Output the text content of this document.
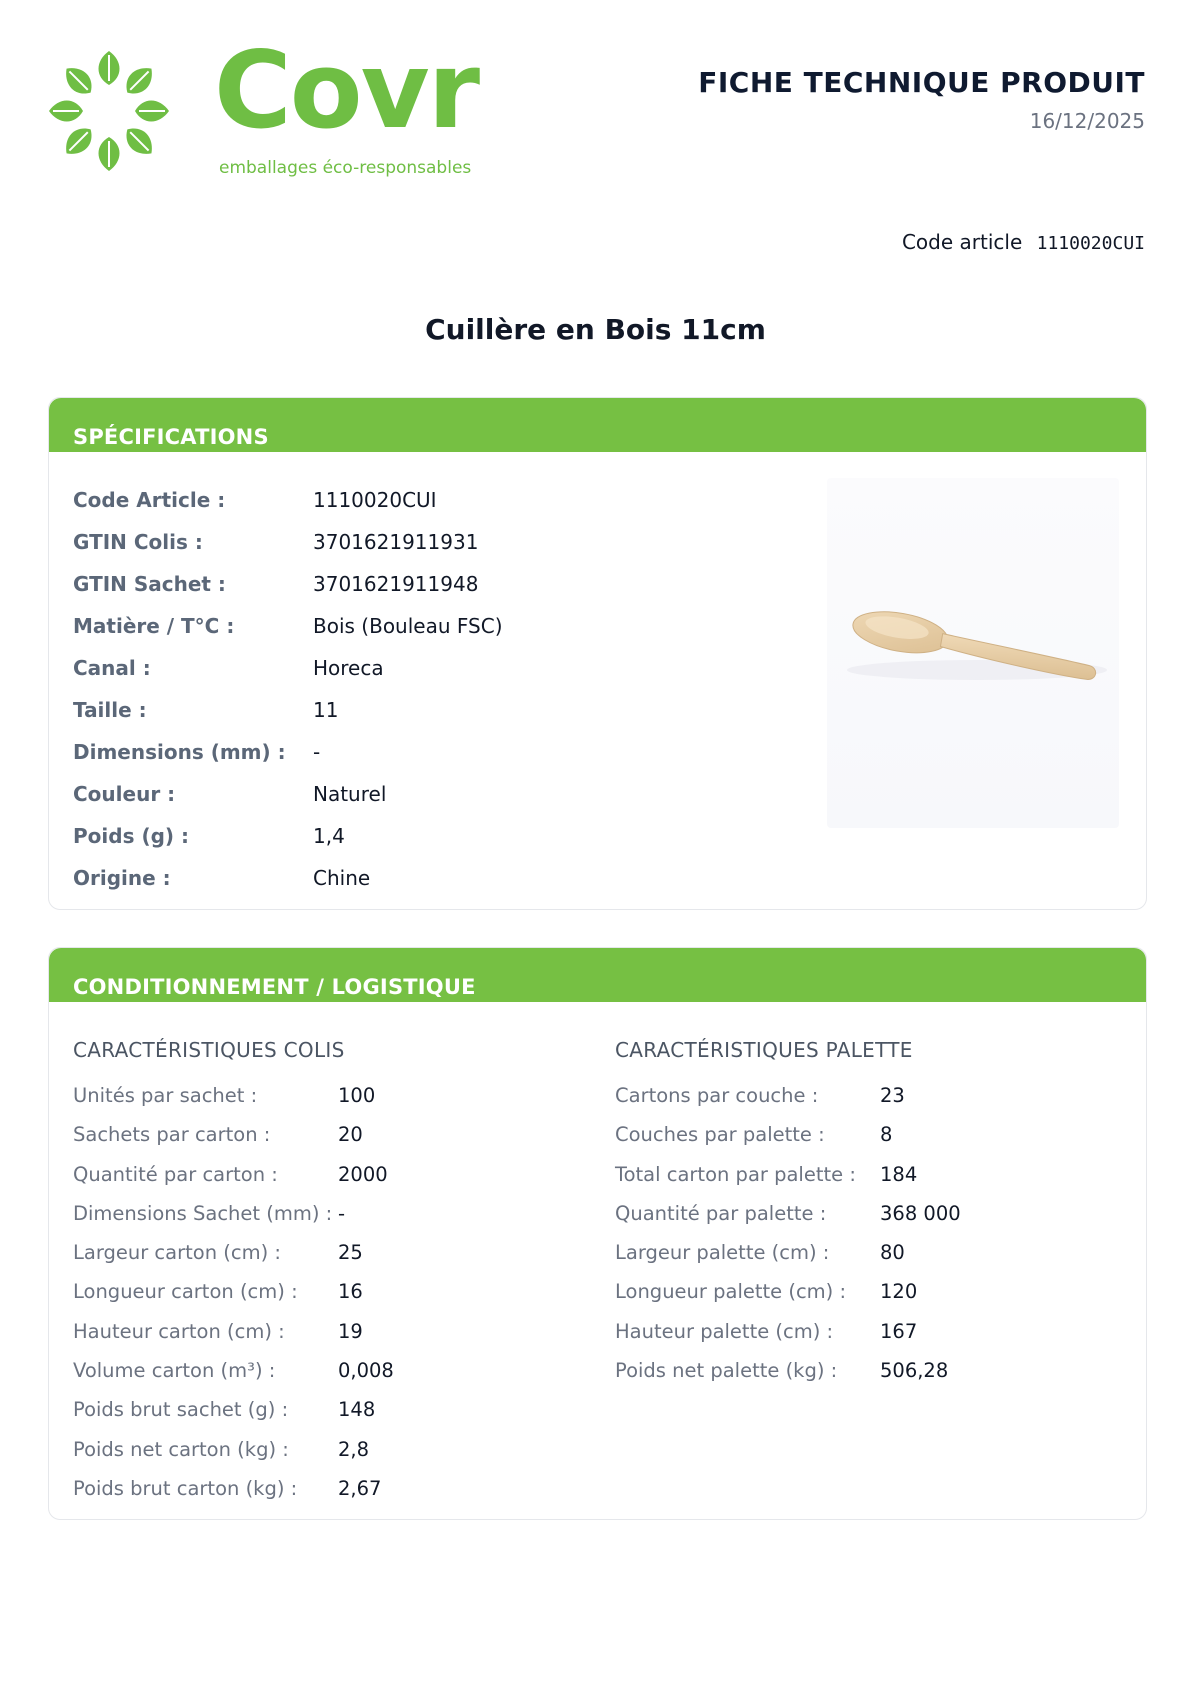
Covr
emballages éco-responsables
FICHE TECHNIQUE PRODUIT
16/12/2025
Code article 1110020CUI
Cuillère en Bois 11cm
SPÉCIFICATIONS
Code Article :	1110020CUI
GTIN Colis :	3701621911931
GTIN Sachet :	3701621911948
Matière / T°C :	Bois (Bouleau FSC)
Canal :	Horeca
Taille :	11
Dimensions (mm) :	-
Couleur :	Naturel
Poids (g) :	1,4
Origine :	Chine
CONDITIONNEMENT / LOGISTIQUE
CARACTÉRISTIQUES COLIS
Unités par sachet :	100
Sachets par carton :	20
Quantité par carton :	2000
Dimensions Sachet (mm) : -
Largeur carton (cm) :	25
Longueur carton (cm) :	16
Hauteur carton (cm) :	19
Volume carton (m³) :	0,008
Poids brut sachet (g) :	148
Poids net carton (kg) :	2,8
Poids brut carton (kg) :	2,67
CARACTÉRISTIQUES PALETTE
Cartons par couche :	23
Couches par palette :	8
Total carton par palette :	184
Quantité par palette :	368 000
Largeur palette (cm) :	80
Longueur palette (cm) :	120
Hauteur palette (cm) :	167
Poids net palette (kg) :	506,28
